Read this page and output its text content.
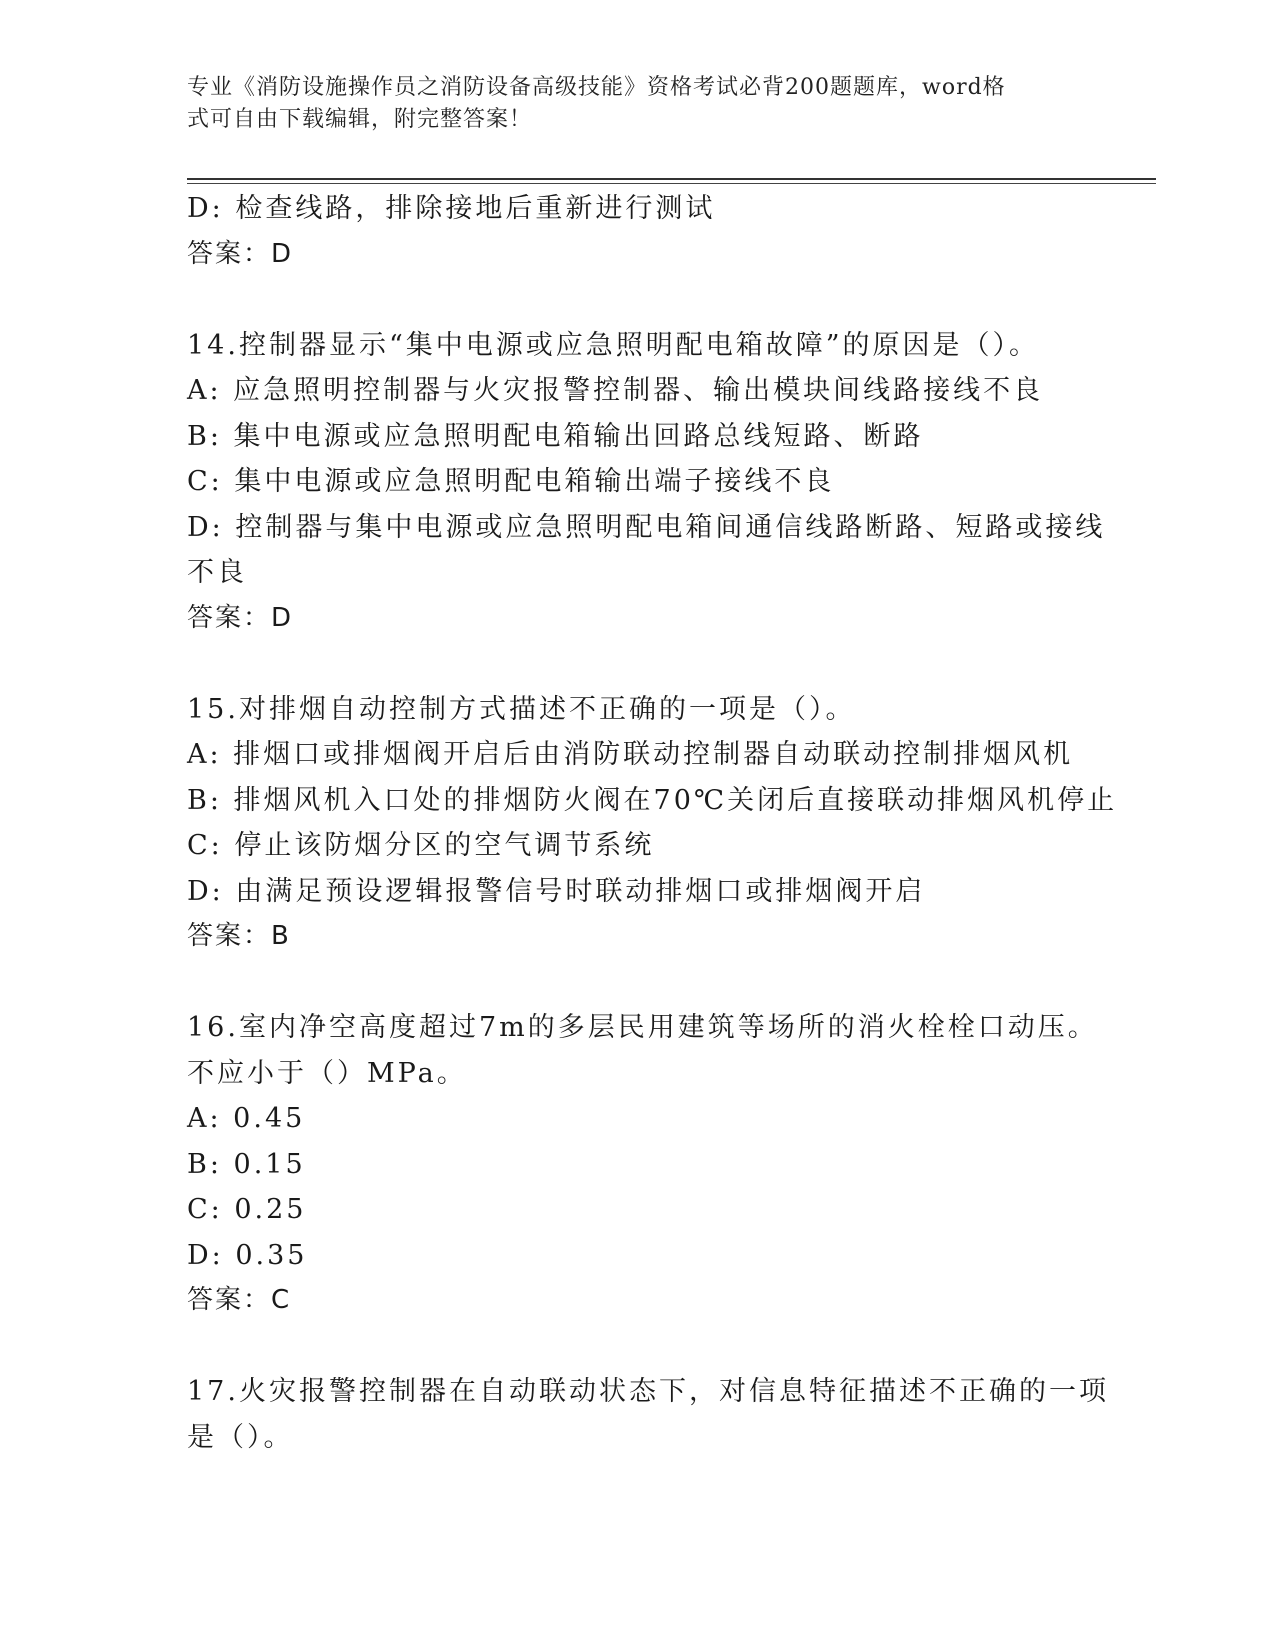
专业《消防设施操作员之消防设备高级技能》资格考试必背200题题库，word格
式可自由下载编辑，附完整答案！
D: 检查线路，排除接地后重新进行测试
答案：D
14.控制器显示“集中电源或应急照明配电箱故障”的原因是（）。
A: 应急照明控制器与火灾报警控制器、输出模块间线路接线不良
B: 集中电源或应急照明配电箱输出回路总线短路、断路
C: 集中电源或应急照明配电箱输出端子接线不良
D: 控制器与集中电源或应急照明配电箱间通信线路断路、短路或接线
不良
答案：D
15.对排烟自动控制方式描述不正确的一项是（）。
A: 排烟口或排烟阀开启后由消防联动控制器自动联动控制排烟风机
B: 排烟风机入口处的排烟防火阀在70℃关闭后直接联动排烟风机停止
C: 停止该防烟分区的空气调节系统
D: 由满足预设逻辑报警信号时联动排烟口或排烟阀开启
答案：B
16.室内净空高度超过7m的多层民用建筑等场所的消火栓栓口动压。
不应小于（）MPa。
A: 0.45
B: 0.15
C: 0.25
D: 0.35
答案：C
17.火灾报警控制器在自动联动状态下，对信息特征描述不正确的一项
是（）。
